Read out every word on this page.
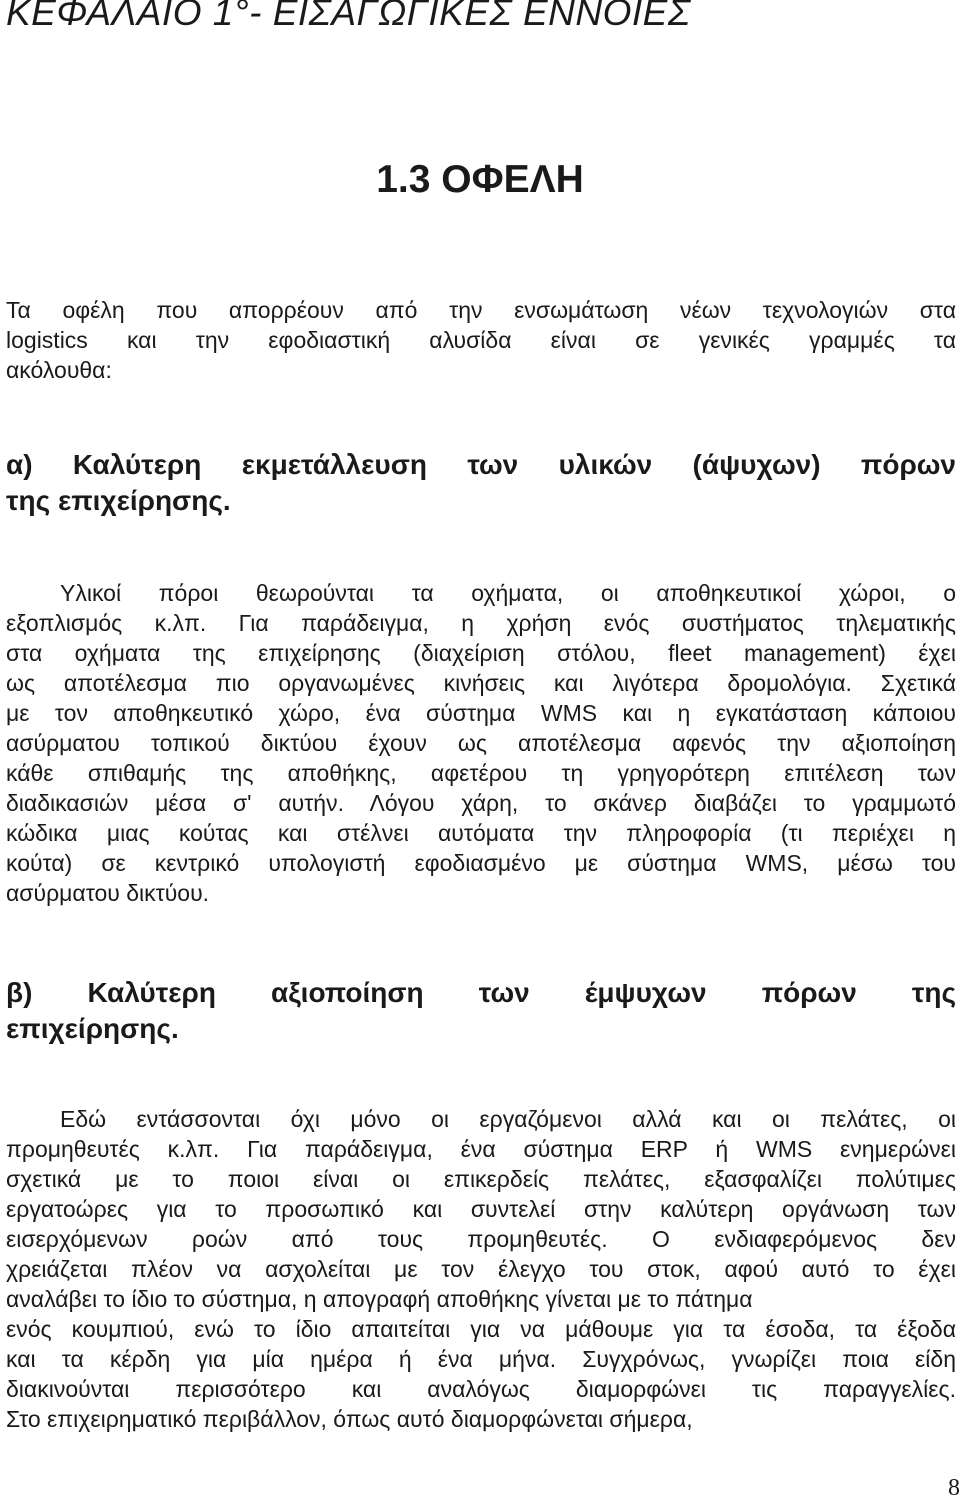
ΚΕΦΑΛΑΙΟ 1°- ΕΙΣΑΓΩΓΙΚΕΣ ΕΝΝΟΙΕΣ
1.3 ΟΦΕΛΗ
Τα οφέλη που απορρέουν από την ενσωμάτωση νέων τεχνολογιών στα
logistics και την εφοδιαστική αλυσίδα είναι σε γενικές γραμμές τα
ακόλουθα:
α) Καλύτερη εκμετάλλευση των υλικών (άψυχων) πόρων
της επιχείρησης.
Υλικοί πόροι θεωρούνται τα οχήματα, οι αποθηκευτικοί χώροι, ο
εξοπλισμός κ.λπ. Για παράδειγμα, η χρήση ενός συστήματος τηλεματικής
στα οχήματα της επιχείρησης (διαχείριση στόλου, fleet management) έχει
ως αποτέλεσμα πιο οργανωμένες κινήσεις και λιγότερα δρομολόγια. Σχετικά
με τον αποθηκευτικό χώρο, ένα σύστημα WMS και η εγκατάσταση κάποιου
ασύρματου τοπικού δικτύου έχουν ως αποτέλεσμα αφενός την αξιοποίηση
κάθε σπιθαμής της αποθήκης, αφετέρου τη γρηγορότερη επιτέλεση των
διαδικασιών μέσα σ' αυτήν. Λόγου χάρη, το σκάνερ διαβάζει το γραμμωτό
κώδικα μιας κούτας και στέλνει αυτόματα την πληροφορία (τι περιέχει η
κούτα) σε κεντρικό υπολογιστή εφοδιασμένο με σύστημα WMS, μέσω του
ασύρματου δικτύου.
β) Καλύτερη αξιοποίηση των έμψυχων πόρων της
επιχείρησης.
Εδώ εντάσσονται όχι μόνο οι εργαζόμενοι αλλά και οι πελάτες, οι
προμηθευτές κ.λπ. Για παράδειγμα, ένα σύστημα ERP ή WMS ενημερώνει
σχετικά με το ποιοι είναι οι επικερδείς πελάτες, εξασφαλίζει πολύτιμες
εργατοώρες για το προσωπικό και συντελεί στην καλύτερη οργάνωση των
εισερχόμενων ροών από τους προμηθευτές. Ο ενδιαφερόμενος δεν
χρειάζεται πλέον να ασχολείται με τον έλεγχο του στοκ, αφού αυτό το έχει
αναλάβει το ίδιο το σύστημα, η απογραφή αποθήκης γίνεται με το πάτημα
ενός κουμπιού, ενώ το ίδιο απαιτείται για να μάθουμε για τα έσοδα, τα έξοδα
και τα κέρδη για μία ημέρα ή ένα μήνα. Συγχρόνως, γνωρίζει ποια είδη
διακινούνται περισσότερο και αναλόγως διαμορφώνει τις παραγγελίες.
Στο επιχειρηματικό περιβάλλον, όπως αυτό διαμορφώνεται σήμερα,
8
